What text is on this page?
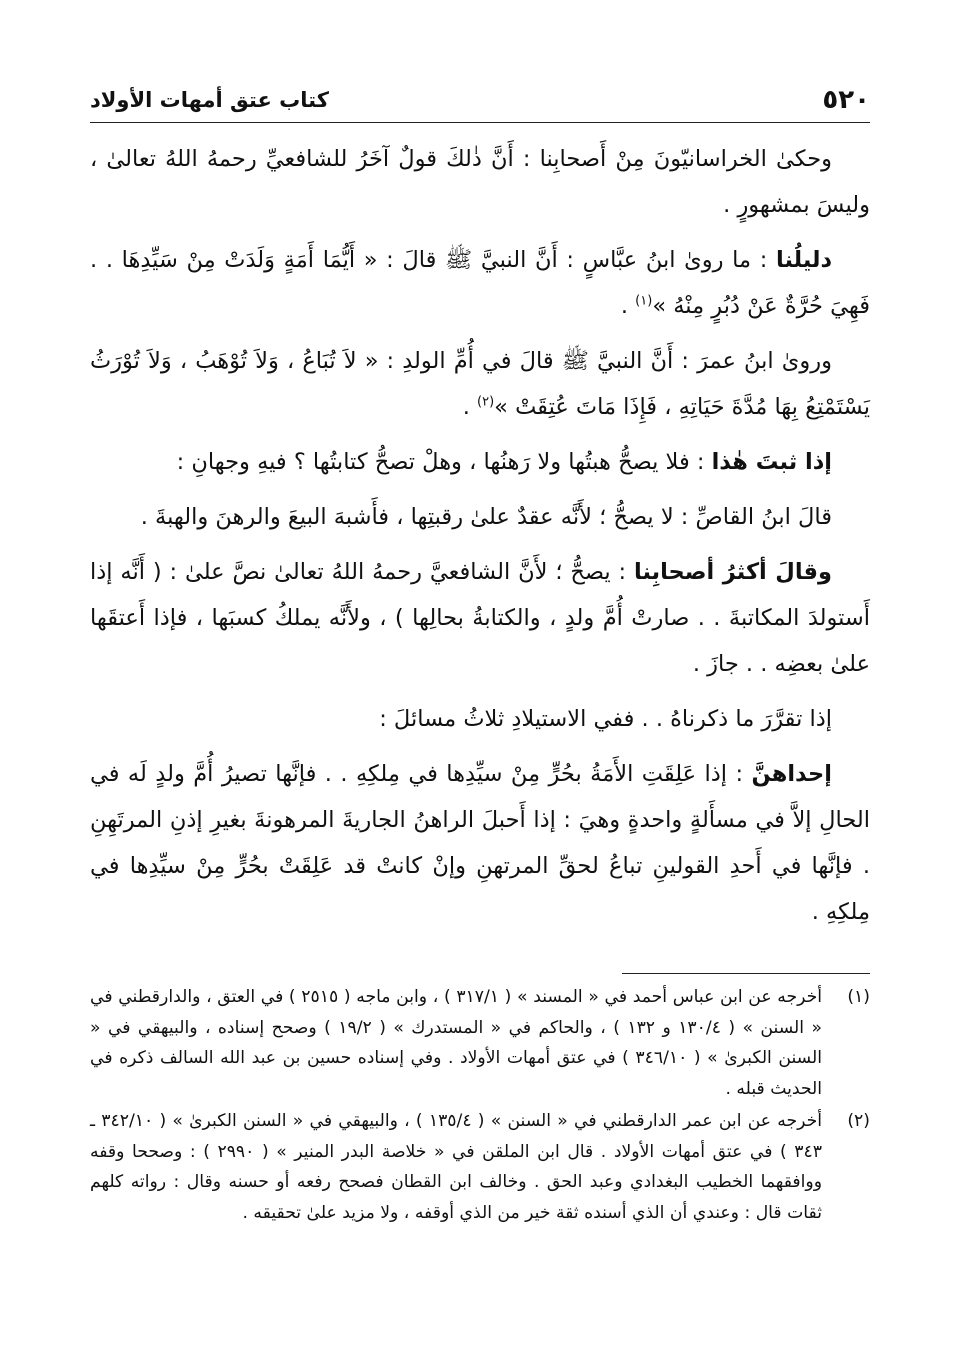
٥٢٠
كتاب عتق أمهات الأولاد

وحكىٰ الخراسانيّونَ مِنْ أَصحابِنا : أَنَّ ذٰلكَ قولٌ آخَرُ للشافعيِّ رحمهُ اللهُ تعالىٰ ، وليسَ بمشهورٍ .

دليلُنا : ما روىٰ ابنُ عبَّاسٍ : أَنَّ النبيَّ ﷺ قالَ : « أَيُّمَا أَمَةٍ وَلَدَتْ مِنْ سَيِّدِهَا . . فَهِيَ حُرَّةٌ عَنْ دُبُرٍ مِنْهُ »$^{(١)}$ .

وروىٰ ابنُ عمرَ : أَنَّ النبيَّ ﷺ قالَ في أُمِّ الولدِ : « لاَ تُبَاعُ ، وَلاَ تُوْهَبُ ، وَلاَ تُوْرَثُ يَسْتَمْتِعُ بِهَا مُدَّةَ حَيَاتِهِ ، فَإِذَا مَاتَ عُتِقَتْ »$^{(٢)}$ .

إذا ثبتَ هٰذا : فلا يصحُّ هبتُها ولا رَهنُها ، وهلْ تصحُّ كتابتُها ؟ فيهِ وجهانِ :

قالَ ابنُ القاصِّ : لا يصحُّ ؛ لأَنَّه عقدٌ علىٰ رقبتِها ، فأَشبهَ البيعَ والرهنَ والهبةَ .

وقالَ أكثرُ أصحابِنا : يصحُّ ؛ لأَنَّ الشافعيَّ رحمهُ اللهُ تعالىٰ نصَّ علىٰ : ( أَنَّه إذا أَستولدَ المكاتبةَ . . صارتْ أُمَّ ولدٍ ، والكتابةُ بحالِها ) ، ولأَنَّه يملكُ كسبَها ، فإذا أَعتقَها علىٰ بعضِه . . جازَ .

إذا تقرَّرَ ما ذكرناهُ . . ففي الاستيلادِ ثلاثُ مسائلَ :

إحداهنَّ : إذا عَلِقَتِ الأَمَةُ بحُرٍّ مِنْ سيِّدِها في مِلكِهِ . . فإنَّها تصيرُ أُمَّ ولدٍ لَه في الحالِ إلاَّ في مسأَلةٍ واحدةٍ وهيَ : إذا أَحبلَ الراهنُ الجاريةَ المرهونةَ بغيرِ إذنِ المرتَهِنِ . فإنَّها في أَحدِ القولينِ تباعُ لحقِّ المرتهنِ وإنْ كانتْ قد عَلِقَتْ بحُرٍّ مِنْ سيِّدِها في مِلكِهِ .

(١)
أخرجه عن ابن عباس أحمد في « المسند » ( ٣١٧/١ ) ، وابن ماجه ( ٢٥١٥ ) في العتق ، والدارقطني في « السنن » ( ١٣٠/٤ و ١٣٢ ) ، والحاكم في « المستدرك » ( ١٩/٢ ) وصحح إسناده ، والبيهقي في « السنن الكبرىٰ » ( ٣٤٦/١٠ ) في عتق أمهات الأولاد . وفي إسناده حسين بن عبد الله السالف ذكره في الحديث قبله .
(٢)
أخرجه عن ابن عمر الدارقطني في « السنن » ( ١٣٥/٤ ) ، والبيهقي في « السنن الكبرىٰ » ( ٣٤٢/١٠ ـ ٣٤٣ ) في عتق أمهات الأولاد . قال ابن الملقن في « خلاصة البدر المنير » ( ٢٩٩٠ ) : وصححا وقفه ووافقهما الخطيب البغدادي وعبد الحق . وخالف ابن القطان فصحح رفعه أو حسنه وقال : رواته كلهم ثقات قال : وعندي أن الذي أسنده ثقة خير من الذي أوقفه ، ولا مزيد علىٰ تحقيقه .
